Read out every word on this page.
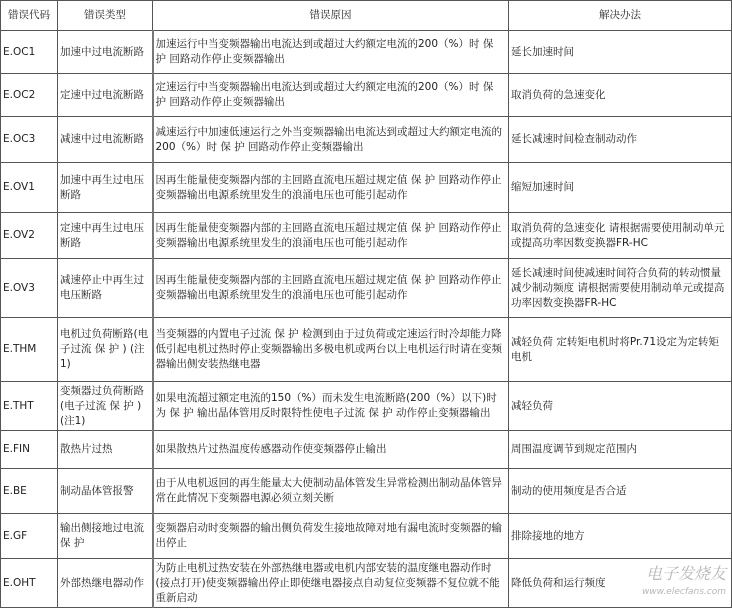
错误代码	错误类型	错误原因	解决办法
E.OC1	加速中过电流断路	加速运行中当变频器输出电流达到或超过大约额定电流的200（%）时 保 护 回路动作停止变频器输出	延长加速时间
E.OC2	定速中过电流断路	定速运行中当变频器输出电流达到或超过大约额定电流的200（%）时 保 护 回路动作停止变频器输出	取消负荷的急速变化
E.OC3	减速中过电流断路	减速运行中加速低速运行之外当变频器输出电流达到或超过大约额定电流的200（%）时 保 护 回路动作停止变频器输出	延长减速时间检查制动动作
E.OV1	加速中再生过电压断路	因再生能量使变频器内部的主回路直流电压超过规定值 保 护 回路动作停止变频器输出电源系统里发生的浪涌电压也可能引起动作	缩短加速时间
E.OV2	定速中再生过电压断路	因再生能量使变频器内部的主回路直流电压超过规定值 保 护 回路动作停止变频器输出电源系统里发生的浪涌电压也可能引起动作	取消负荷的急速变化 请根据需要使用制动单元或提高功率因数变换器FR-HC
E.OV3	减速停止中再生过电压断路	因再生能量使变频器内部的主回路直流电压超过规定值 保 护 回路动作停止变频器输出电源系统里发生的浪涌电压也可能引起动作	延长减速时间使减速时间符合负荷的转动惯量 减少制动频度 请根据需要使用制动单元或提高功率因数变换器FR-HC
E.THM	电机过负荷断路(电子过流 保 护 ) (注1)	当变频器的内置电子过流 保 护 检测到由于过负荷或定速运行时冷却能力降低引起电机过热时停止变频器输出多极电机或两台以上电机运行时请在变频器输出侧安装热继电器	减轻负荷 定转矩电机时将Pr.71设定为定转矩电机
E.THT	变频器过负荷断路(电子过流 保 护 ) (注1)	如果电流超过额定电流的150（%）而未发生电流断路(200（%）以下)时为 保 护 输出晶体管用反时限特性使电子过流 保 护 动作停止变频器输出	减轻负荷
E.FIN	散热片过热	如果散热片过热温度传感器动作使变频器停止输出	周围温度调节到规定范围内
E.BE	制动晶体管报警	由于从电机返回的再生能量太大使制动晶体管发生异常检测出制动晶体管异常在此情况下变频器电源必须立刻关断	制动的使用频度是否合适
E.GF	输出侧接地过电流 保 护	变频器启动时变频器的输出侧负荷发生接地故障对地有漏电流时变频器的输出停止	排除接地的地方
E.OHT	外部热继电器动作	为防止电机过热安装在外部热继电器或电机内部安装的温度继电器动作时(接点打开)使变频器输出停止即使继电器接点自动复位变频器不复位就不能重新启动	降低负荷和运行频度	电子发烧友
www.elecfans.com
